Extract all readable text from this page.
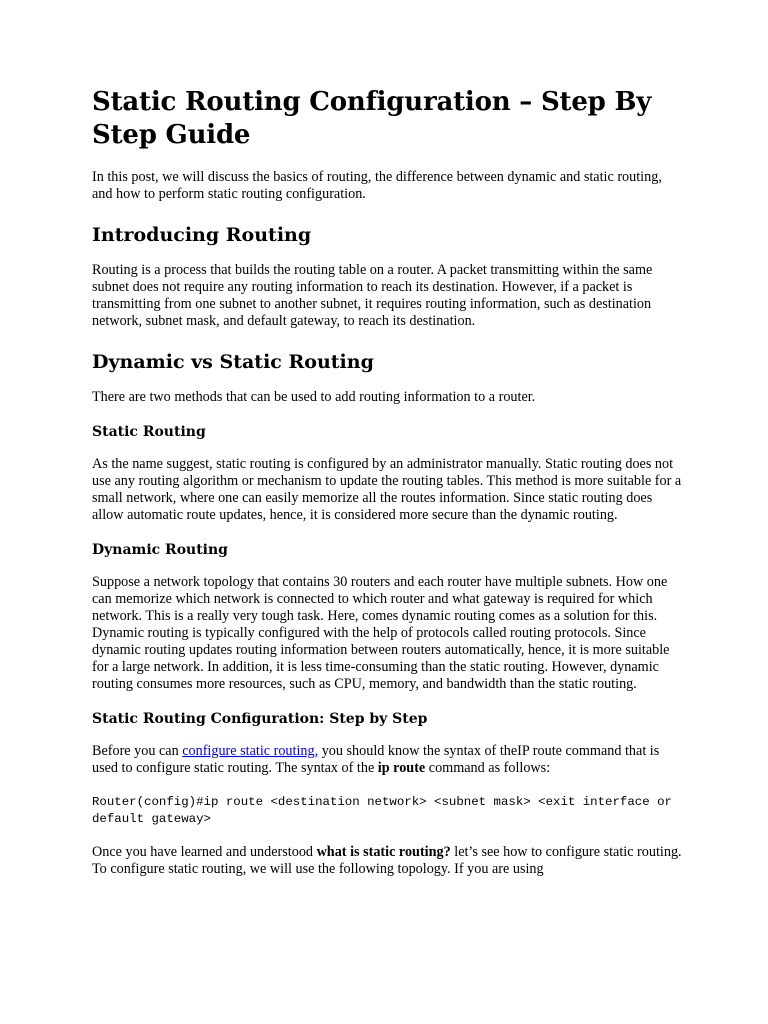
Static Routing Configuration – Step By Step Guide

In this post, we will discuss the basics of routing, the difference between dynamic and static routing, and how to perform static routing configuration.

Introducing Routing

Routing is a process that builds the routing table on a router. A packet transmitting within the same subnet does not require any routing information to reach its destination. However, if a packet is transmitting from one subnet to another subnet, it requires routing information, such as destination network, subnet mask, and default gateway, to reach its destination.

Dynamic vs Static Routing

There are two methods that can be used to add routing information to a router.

Static Routing

As the name suggest, static routing is configured by an administrator manually. Static routing does not use any routing algorithm or mechanism to update the routing tables. This method is more suitable for a small network, where one can easily memorize all the routes information. Since static routing does allow automatic route updates, hence, it is considered more secure than the dynamic routing.

Dynamic Routing

Suppose a network topology that contains 30 routers and each router have multiple subnets. How one can memorize which network is connected to which router and what gateway is required for which network. This is a really very tough task. Here, comes dynamic routing comes as a solution for this. Dynamic routing is typically configured with the help of protocols called routing protocols. Since dynamic routing updates routing information between routers automatically, hence, it is more suitable for a large network. In addition, it is less time-consuming than the static routing. However, dynamic routing consumes more resources, such as CPU, memory, and bandwidth than the static routing.

Static Routing Configuration: Step by Step

Before you can configure static routing, you should know the syntax of theIP route command that is used to configure static routing. The syntax of the ip route command as follows:

Router(config)#ip route <destination network> <subnet mask> <exit interface or default gateway>

Once you have learned and understood what is static routing? let’s see how to configure static routing. To configure static routing, we will use the following topology. If you are using
